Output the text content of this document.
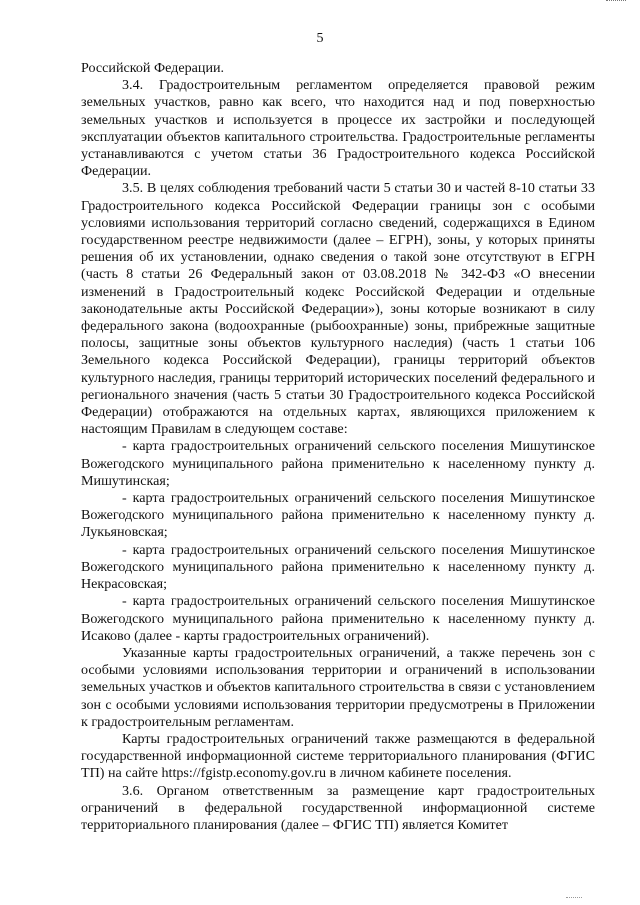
5

Российской Федерации.

3.4. Градостроительным регламентом определяется правовой режим земельных участков, равно как всего, что находится над и под поверхностью земельных участков и используется в процессе их застройки и последующей эксплуатации объектов капитального строительства. Градостроительные регламенты устанавливаются с учетом статьи 36 Градостроительного кодекса Российской Федерации.

3.5. В целях соблюдения требований части 5 статьи 30 и частей 8-10 статьи 33 Градостроительного кодекса Российской Федерации границы зон с особыми условиями использования территорий согласно сведений, содержащихся в Едином государственном реестре недвижимости (далее – ЕГРН), зоны, у которых приняты решения об их установлении, однако сведения о такой зоне отсутствуют в ЕГРН (часть 8 статьи 26 Федеральный закон от 03.08.2018 № 342-ФЗ «О внесении изменений в Градостроительный кодекс Российской Федерации и отдельные законодательные акты Российской Федерации»), зоны которые возникают в силу федерального закона (водоохранные (рыбоохранные) зоны, прибрежные защитные полосы, защитные зоны объектов культурного наследия) (часть 1 статьи 106 Земельного кодекса Российской Федерации), границы территорий объектов культурного наследия, границы территорий исторических поселений федерального и регионального значения (часть 5 статьи 30 Градостроительного кодекса Российской Федерации) отображаются на отдельных картах, являющихся приложением к настоящим Правилам в следующем составе:

- карта градостроительных ограничений сельского поселения Мишутинское Вожегодского муниципального района применительно к населенному пункту д. Мишутинская;

- карта градостроительных ограничений сельского поселения Мишутинское Вожегодского муниципального района применительно к населенному пункту д. Лукьяновская;

- карта градостроительных ограничений сельского поселения Мишутинское Вожегодского муниципального района применительно к населенному пункту д. Некрасовская;

- карта градостроительных ограничений сельского поселения Мишутинское Вожегодского муниципального района применительно к населенному пункту д. Исаково (далее - карты градостроительных ограничений).

Указанные карты градостроительных ограничений, а также перечень зон с особыми условиями использования территории и ограничений в использовании земельных участков и объектов капитального строительства в связи с установлением зон с особыми условиями использования территории предусмотрены в Приложении к градостроительным регламентам.

Карты градостроительных ограничений также размещаются в федеральной государственной информационной системе территориального планирования (ФГИС ТП) на сайте https://fgistp.economy.gov.ru в личном кабинете поселения.

3.6. Органом ответственным за размещение карт градостроительных ограничений в федеральной государственной информационной системе территориального планирования (далее – ФГИС ТП) является Комитет
